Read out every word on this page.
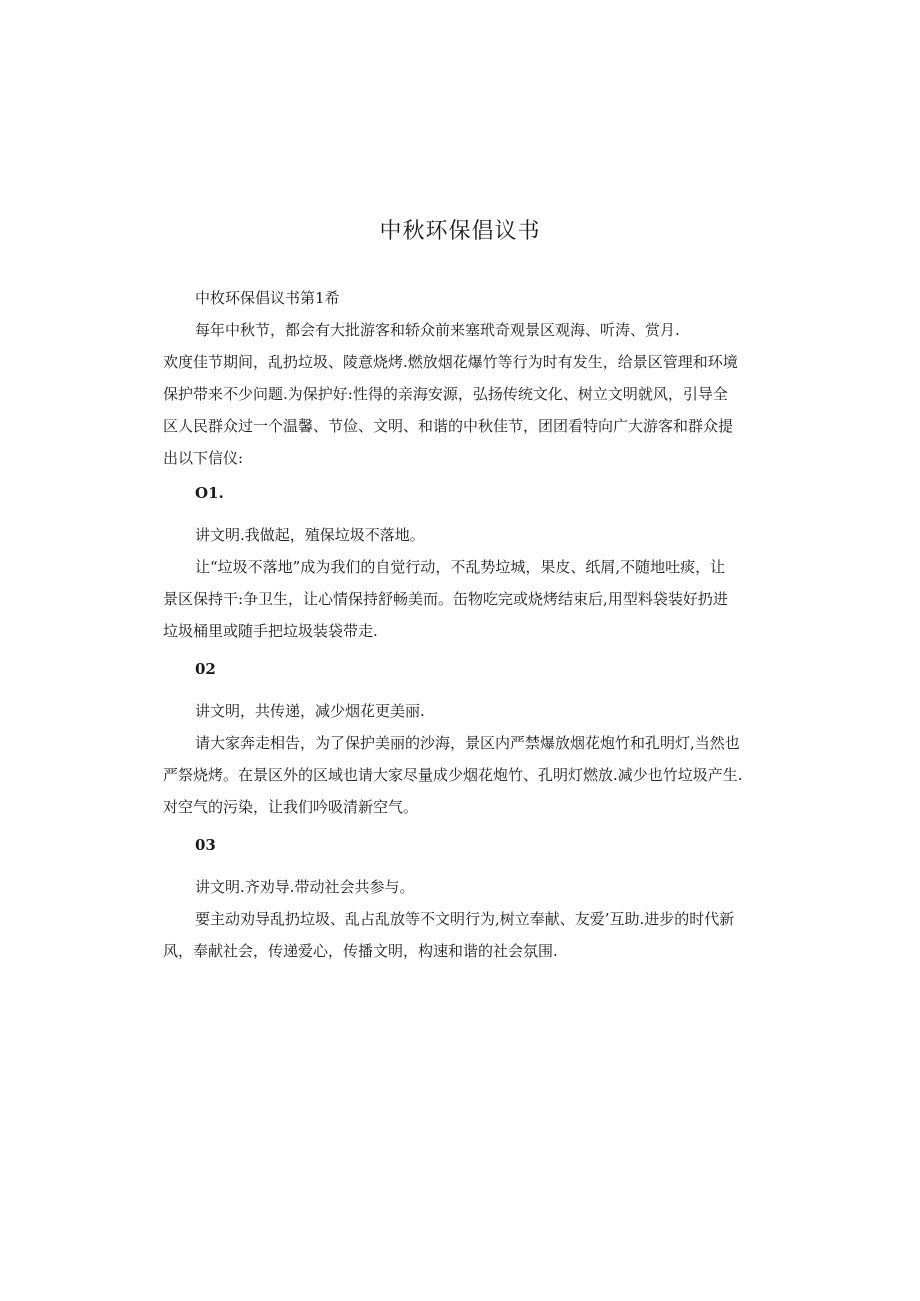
中秋环保倡议书
中枚环保倡议书第1希
每年中秋节，都会有大批游客和轿众前来塞玳奇观景区观海、听涛、赏月.
欢度佳节期间，乱扔垃圾、陵意烧烤.燃放烟花爆竹等行为时有发生，给景区管理和环境
保护带来不少问题.为保护好:性得的亲海安源，弘扬传统文化、树立文明就风，引导全
区人民群众过一个温馨、节俭、文明、和谐的中秋佳节，团团看特向广大游客和群众提
出以下信仪:
O1.
讲文明.我做起，殖保垃圾不落地。
让“垃圾不落地”成为我们的自觉行动，不乱势垃城，果皮、纸屑,不随地吐痰，让
景区保持干:争卫生，让心情保持舒畅美而。缶物吃完或烧烤结束后,用型料袋装好扔进
垃圾桶里或随手把垃圾装袋带走.
02
讲文明，共传递，减少烟花更美丽.
请大家奔走相告，为了保护美丽的沙海，景区内严禁爆放烟花炮竹和孔明灯,当然也
严祭烧烤。在景区外的区域也请大家尽量成少烟花炮竹、孔明灯燃放.减少也竹垃圾产生.
对空气的污染，让我们吟吸清新空气。
03
讲文明.齐劝导.带动社会共参与。
要主动劝导乱扔垃圾、乱占乱放等不文明行为,树立奉献、友爱’互助.进步的时代新
风，奉献社会，传递爱心，传播文明，构速和谐的社会氛围.
